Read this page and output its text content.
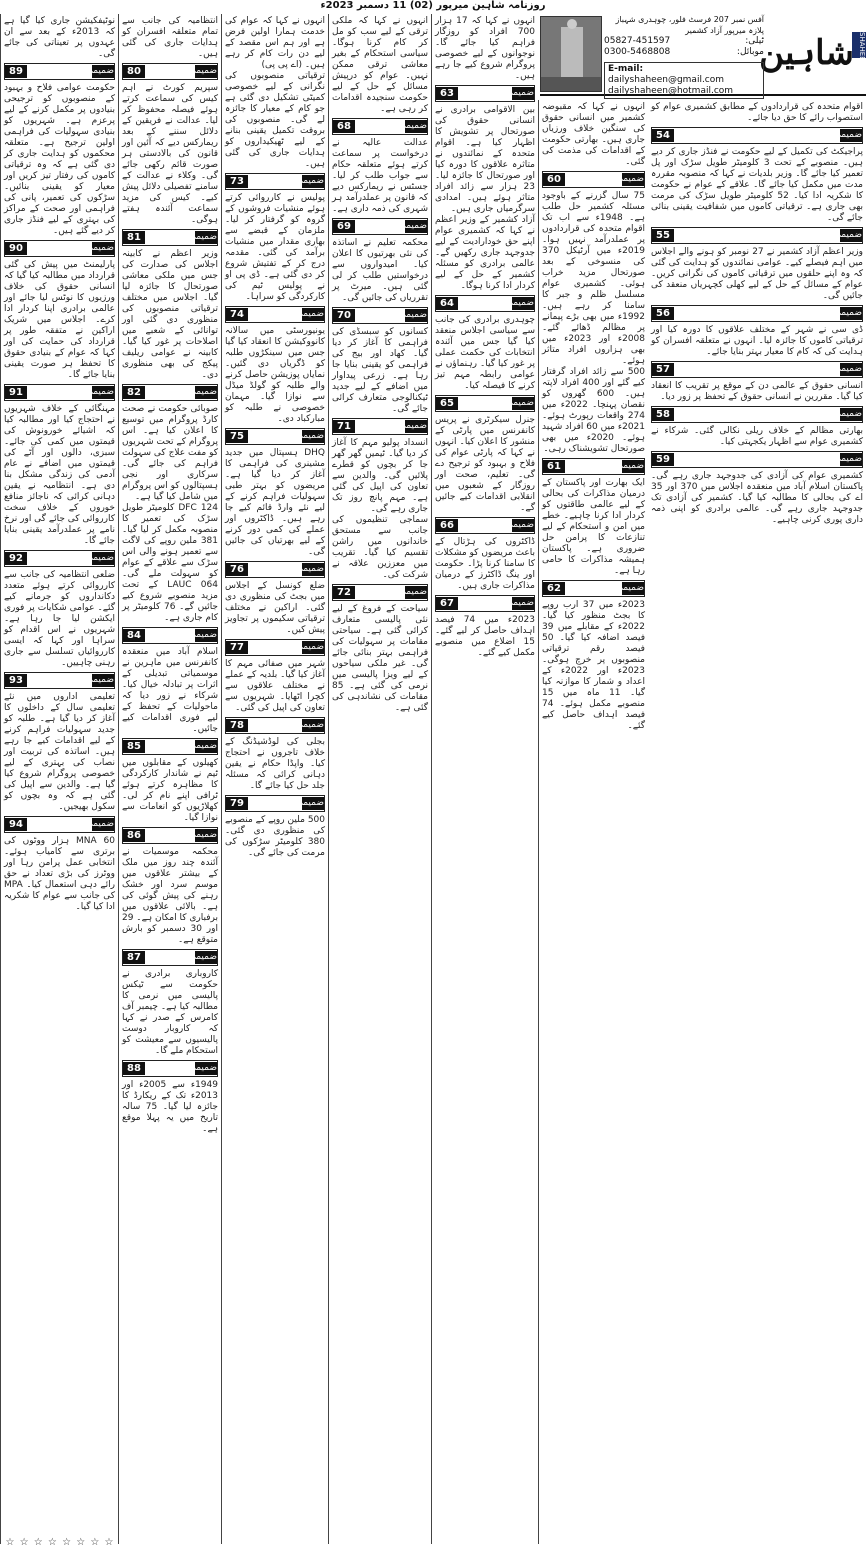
روزنامہ شاہین میرپور (02) 11 دسمبر 2023ء
نوٹیفکیشن جاری کیا گیا ہے کہ 2013ء کے بعد سے ان عہدوں پر تعیناتی کی جائے گی۔
ضمیمہ
89
حکومت عوامی فلاح و بہبود کے منصوبوں کو ترجیحی بنیادوں پر مکمل کرنے کے لیے پرعزم ہے۔ شہریوں کو بنیادی سہولیات کی فراہمی اولین ترجیح ہے۔ متعلقہ محکموں کو ہدایت جاری کر دی گئی ہے کہ وہ ترقیاتی کاموں کی رفتار تیز کریں اور معیار کو یقینی بنائیں۔ سڑکوں کی تعمیر، پانی کی فراہمی اور صحت کے مراکز کی بہتری کے لیے فنڈز جاری کر دیے گئے ہیں۔
ضمیمہ
90
پارلیمنٹ میں پیش کی گئی قرارداد میں مطالبہ کیا گیا کہ انسانی حقوق کی خلاف ورزیوں کا نوٹس لیا جائے اور عالمی برادری اپنا کردار ادا کرے۔ اجلاس میں شریک اراکین نے متفقہ طور پر قرارداد کی حمایت کی اور کہا کہ عوام کے بنیادی حقوق کا تحفظ ہر صورت یقینی بنایا جائے گا۔
ضمیمہ
91
مہنگائی کے خلاف شہریوں نے احتجاج کیا اور مطالبہ کیا کہ اشیائے خورونوش کی قیمتوں میں کمی کی جائے۔ سبزی، دالوں اور آٹے کی قیمتوں میں اضافے نے عام آدمی کی زندگی مشکل بنا دی ہے۔ انتظامیہ نے یقین دہانی کرائی کہ ناجائز منافع خوروں کے خلاف سخت کارروائی کی جائے گی اور نرخ نامے پر عملدرآمد یقینی بنایا جائے گا۔
ضمیمہ
92
ضلعی انتظامیہ کی جانب سے کارروائی کرتے ہوئے متعدد دکانداروں کو جرمانے کیے گئے۔ عوامی شکایات پر فوری ایکشن لیا جا رہا ہے۔ شہریوں نے اس اقدام کو سراہا اور کہا کہ ایسی کارروائیاں تسلسل سے جاری رہنی چاہییں۔
ضمیمہ
93
تعلیمی اداروں میں نئے تعلیمی سال کے داخلوں کا آغاز کر دیا گیا ہے۔ طلبہ کو جدید سہولیات فراہم کرنے کے لیے اقدامات کیے جا رہے ہیں۔ اساتذہ کی تربیت اور نصاب کی بہتری کے لیے خصوصی پروگرام شروع کیا گیا ہے۔ والدین سے اپیل کی گئی ہے کہ وہ بچوں کو سکول بھیجیں۔
ضمیمہ
94
MNA 60 ہزار ووٹوں کی برتری سے کامیاب ہوئے۔ انتخابی عمل پرامن رہا اور ووٹرز کی بڑی تعداد نے حق رائے دہی استعمال کیا۔ MPA کی جانب سے عوام کا شکریہ ادا کیا گیا۔
انتظامیہ کی جانب سے تمام متعلقہ افسران کو ہدایات جاری کی گئی ہیں۔
ضمیمہ
80
سپریم کورٹ نے اہم کیس کی سماعت کرتے ہوئے فیصلہ محفوظ کر لیا۔ عدالت نے فریقین کے دلائل سننے کے بعد ریمارکس دیے کہ آئین اور قانون کی بالادستی ہر صورت قائم رکھی جائے گی۔ وکلاء نے عدالت کے سامنے تفصیلی دلائل پیش کیے۔ کیس کی مزید سماعت آئندہ ہفتے ہوگی۔
ضمیمہ
81
وزیر اعظم نے کابینہ اجلاس کی صدارت کی جس میں ملکی معاشی صورتحال کا جائزہ لیا گیا۔ اجلاس میں مختلف ترقیاتی منصوبوں کی منظوری دی گئی اور توانائی کے شعبے میں اصلاحات پر غور کیا گیا۔ کابینہ نے عوامی ریلیف پیکج کی بھی منظوری دی۔
ضمیمہ
82
صوبائی حکومت نے صحت کارڈ پروگرام میں توسیع کا اعلان کیا ہے۔ اس پروگرام کے تحت شہریوں کو مفت علاج کی سہولت فراہم کی جائے گی۔ سرکاری اور نجی ہسپتالوں کو اس پروگرام میں شامل کیا گیا ہے۔
DFC 124 کلومیٹر طویل سڑک کی تعمیر کا منصوبہ مکمل کر لیا گیا۔ 381 ملین روپے کی لاگت سے تعمیر ہونے والی اس سڑک سے علاقے کے عوام کو سہولت ملے گی۔ 064 LAUC کے تحت مزید منصوبے شروع کیے جائیں گے۔ 76 کلومیٹر پر کام جاری ہے۔
ضمیمہ
84
اسلام آباد میں منعقدہ کانفرنس میں ماہرین نے موسمیاتی تبدیلی کے اثرات پر تبادلہ خیال کیا۔ شرکاء نے زور دیا کہ ماحولیات کے تحفظ کے لیے فوری اقدامات کیے جائیں۔
ضمیمہ
85
کھیلوں کے مقابلوں میں ٹیم نے شاندار کارکردگی کا مظاہرہ کرتے ہوئے ٹرافی اپنے نام کر لی۔ کھلاڑیوں کو انعامات سے نوازا گیا۔
ضمیمہ
86
محکمہ موسمیات نے آئندہ چند روز میں ملک کے بیشتر علاقوں میں موسم سرد اور خشک رہنے کی پیش گوئی کی ہے۔ بالائی علاقوں میں برفباری کا امکان ہے۔ 29 اور 30 دسمبر کو بارش متوقع ہے۔
ضمیمہ
87
کاروباری برادری نے حکومت سے ٹیکس پالیسی میں نرمی کا مطالبہ کیا ہے۔ چیمبر آف کامرس کے صدر نے کہا کہ کاروبار دوست پالیسیوں سے معیشت کو استحکام ملے گا۔
ضمیمہ
88
1949ء سے 2005ء اور 2013ء تک کے ریکارڈ کا جائزہ لیا گیا۔ 75 سالہ تاریخ میں یہ پہلا موقع ہے۔
انہوں نے کہا کہ عوام کی خدمت ہمارا اولین فرض ہے اور ہم اس مقصد کے لیے دن رات کام کر رہے ہیں۔ (اے پی پی)
ترقیاتی منصوبوں کی نگرانی کے لیے خصوصی کمیٹی تشکیل دی گئی ہے جو کام کے معیار کا جائزہ لے گی۔ منصوبوں کی بروقت تکمیل یقینی بنانے کے لیے ٹھیکیداروں کو ہدایات جاری کی گئی ہیں۔
ضمیمہ
73
پولیس نے کارروائی کرتے ہوئے منشیات فروشوں کے گروہ کو گرفتار کر لیا۔ ملزمان کے قبضے سے بھاری مقدار میں منشیات برآمد کی گئی۔ مقدمہ درج کر کے تفتیش شروع کر دی گئی ہے۔ ڈی پی او نے پولیس ٹیم کی کارکردگی کو سراہا۔
ضمیمہ
74
یونیورسٹی میں سالانہ کانووکیشن کا انعقاد کیا گیا جس میں سینکڑوں طلبہ کو ڈگریاں دی گئیں۔ نمایاں پوزیشن حاصل کرنے والے طلبہ کو گولڈ میڈل سے نوازا گیا۔ مہمان خصوصی نے طلبہ کو مبارکباد دی۔
ضمیمہ
75
DHQ ہسپتال میں جدید مشینری کی فراہمی کا آغاز کر دیا گیا ہے۔ مریضوں کو بہتر طبی سہولیات فراہم کرنے کے لیے نئے وارڈ قائم کیے جا رہے ہیں۔ ڈاکٹروں اور عملے کی کمی دور کرنے کے لیے بھرتیاں کی جائیں گی۔
ضمیمہ
76
ضلع کونسل کے اجلاس میں بجٹ کی منظوری دی گئی۔ اراکین نے مختلف ترقیاتی سکیموں پر تجاویز پیش کیں۔
ضمیمہ
77
شہر میں صفائی مہم کا آغاز کیا گیا۔ بلدیہ کے عملے نے مختلف علاقوں سے کچرا اٹھایا۔ شہریوں سے تعاون کی اپیل کی گئی۔
ضمیمہ
78
بجلی کی لوڈشیڈنگ کے خلاف تاجروں نے احتجاج کیا۔ واپڈا حکام نے یقین دہانی کرائی کہ مسئلہ جلد حل کیا جائے گا۔
ضمیمہ
79
500 ملین روپے کے منصوبے کی منظوری دی گئی۔ 380 کلومیٹر سڑکوں کی مرمت کی جائے گی۔
انہوں نے کہا کہ ملکی ترقی کے لیے سب کو مل کر کام کرنا ہوگا۔ سیاسی استحکام کے بغیر معاشی ترقی ممکن نہیں۔ عوام کو درپیش مسائل کے حل کے لیے حکومت سنجیدہ اقدامات کر رہی ہے۔
ضمیمہ
68
عدالت عالیہ نے درخواست پر سماعت کرتے ہوئے متعلقہ حکام سے جواب طلب کر لیا۔ جسٹس نے ریمارکس دیے کہ قانون پر عملدرآمد ہر شہری کی ذمہ داری ہے۔
ضمیمہ
69
محکمہ تعلیم نے اساتذہ کی نئی بھرتیوں کا اعلان کیا۔ امیدواروں سے درخواستیں طلب کر لی گئی ہیں۔ میرٹ پر تقرریاں کی جائیں گی۔
ضمیمہ
70
کسانوں کو سبسڈی کی فراہمی کا آغاز کر دیا گیا۔ کھاد اور بیج کی فراہمی کو یقینی بنایا جا رہا ہے۔ زرعی پیداوار میں اضافے کے لیے جدید ٹیکنالوجی متعارف کرائی جائے گی۔
ضمیمہ
71
انسداد پولیو مہم کا آغاز کر دیا گیا۔ ٹیمیں گھر گھر جا کر بچوں کو قطرے پلائیں گی۔ والدین سے تعاون کی اپیل کی گئی ہے۔ مہم پانچ روز تک جاری رہے گی۔
سماجی تنظیموں کی جانب سے مستحق خاندانوں میں راشن تقسیم کیا گیا۔ تقریب میں معززین علاقہ نے شرکت کی۔
ضمیمہ
72
سیاحت کے فروغ کے لیے نئی پالیسی متعارف کرائی گئی ہے۔ سیاحتی مقامات پر سہولیات کی فراہمی بہتر بنائی جائے گی۔ غیر ملکی سیاحوں کے لیے ویزا پالیسی میں نرمی کی گئی ہے۔ 85 مقامات کی نشاندہی کی گئی ہے۔
انہوں نے کہا کہ 17 ہزار 700 افراد کو روزگار فراہم کیا جائے گا۔ نوجوانوں کے لیے خصوصی پروگرام شروع کیے جا رہے ہیں۔
ضمیمہ
63
بین الاقوامی برادری نے انسانی حقوق کی صورتحال پر تشویش کا اظہار کیا ہے۔ اقوام متحدہ کے نمائندوں نے متاثرہ علاقوں کا دورہ کیا اور صورتحال کا جائزہ لیا۔ 23 ہزار سے زائد افراد متاثر ہوئے ہیں۔ امدادی سرگرمیاں جاری ہیں۔
آزاد کشمیر کے وزیر اعظم نے کہا کہ کشمیری عوام اپنے حق خودارادیت کے لیے جدوجہد جاری رکھیں گے۔ عالمی برادری کو مسئلہ کشمیر کے حل کے لیے کردار ادا کرنا ہوگا۔
ضمیمہ
64
چوہدری برادری کی جانب سے سیاسی اجلاس منعقد کیا گیا جس میں آئندہ انتخابات کی حکمت عملی پر غور کیا گیا۔ رہنماؤں نے عوامی رابطہ مہم تیز کرنے کا فیصلہ کیا۔
ضمیمہ
65
جنرل سیکرٹری نے پریس کانفرنس میں پارٹی کے منشور کا اعلان کیا۔ انہوں نے کہا کہ پارٹی عوام کی فلاح و بہبود کو ترجیح دے گی۔ تعلیم، صحت اور روزگار کے شعبوں میں انقلابی اقدامات کیے جائیں گے۔
ضمیمہ
66
ڈاکٹروں کی ہڑتال کے باعث مریضوں کو مشکلات کا سامنا کرنا پڑا۔ حکومت اور ینگ ڈاکٹرز کے درمیان مذاکرات جاری ہیں۔
ضمیمہ
67
2023ء میں 74 فیصد اہداف حاصل کر لیے گئے۔ 15 اضلاع میں منصوبے مکمل کیے گئے۔
انہوں نے کہا کہ مقبوضہ کشمیر میں انسانی حقوق کی سنگین خلاف ورزیاں جاری ہیں۔ بھارتی حکومت کے اقدامات کی مذمت کی گئی۔
ضمیمہ
60
75 سال گزرنے کے باوجود مسئلہ کشمیر حل طلب ہے۔ 1948ء سے اب تک اقوام متحدہ کی قراردادوں پر عملدرآمد نہیں ہوا۔ 2019ء میں آرٹیکل 370 کی منسوخی کے بعد صورتحال مزید خراب ہوئی۔ کشمیری عوام مسلسل ظلم و جبر کا سامنا کر رہے ہیں۔ 1992ء میں بھی بڑے پیمانے پر مظالم ڈھائے گئے۔ 2008ء اور 2023ء میں بھی ہزاروں افراد متاثر ہوئے۔
500 سے زائد افراد گرفتار کیے گئے اور 400 افراد لاپتہ ہیں۔ 600 گھروں کو نقصان پہنچا۔ 2022ء میں 274 واقعات رپورٹ ہوئے۔ 2021ء میں 60 افراد شہید ہوئے۔ 2020ء میں بھی صورتحال تشویشناک رہی۔
ضمیمہ
61
ایک بھارت اور پاکستان کے درمیان مذاکرات کی بحالی کے لیے عالمی طاقتوں کو کردار ادا کرنا چاہیے۔ خطے میں امن و استحکام کے لیے تنازعات کا پرامن حل ضروری ہے۔ پاکستان ہمیشہ مذاکرات کا حامی رہا ہے۔
ضمیمہ
62
2023ء میں 37 ارب روپے کا بجٹ منظور کیا گیا۔ 2022ء کے مقابلے میں 39 فیصد اضافہ کیا گیا۔ 50 فیصد رقم ترقیاتی منصوبوں پر خرچ ہوگی۔ 2023ء اور 2022ء کے اعداد و شمار کا موازنہ کیا گیا۔ 11 ماہ میں 15 منصوبے مکمل ہوئے۔ 74 فیصد اہداف حاصل کیے گئے۔
اقوام متحدہ کی قراردادوں کے مطابق کشمیری عوام کو استصواب رائے کا حق دیا جائے۔
ضمیمہ
54
پراجیکٹ کی تکمیل کے لیے حکومت نے فنڈز جاری کر دیے ہیں۔ منصوبے کے تحت 3 کلومیٹر طویل سڑک اور پل تعمیر کیا جائے گا۔ وزیر بلدیات نے کہا کہ منصوبہ مقررہ مدت میں مکمل کیا جائے گا۔ علاقے کے عوام نے حکومت کا شکریہ ادا کیا۔ 52 کلومیٹر طویل سڑک کی مرمت بھی جاری ہے۔ ترقیاتی کاموں میں شفافیت یقینی بنائی جائے گی۔
ضمیمہ
55
وزیر اعظم آزاد کشمیر نے 27 نومبر کو ہونے والے اجلاس میں اہم فیصلے کیے۔ عوامی نمائندوں کو ہدایت کی گئی کہ وہ اپنے حلقوں میں ترقیاتی کاموں کی نگرانی کریں۔ عوام کے مسائل کے حل کے لیے کھلی کچہریاں منعقد کی جائیں گی۔
ضمیمہ
56
ڈی سی نے شہر کے مختلف علاقوں کا دورہ کیا اور ترقیاتی کاموں کا جائزہ لیا۔ انہوں نے متعلقہ افسران کو ہدایت کی کہ کام کا معیار بہتر بنایا جائے۔
ضمیمہ
57
انسانی حقوق کے عالمی دن کے موقع پر تقریب کا انعقاد کیا گیا۔ مقررین نے انسانی حقوق کے تحفظ پر زور دیا۔
ضمیمہ
58
بھارتی مظالم کے خلاف ریلی نکالی گئی۔ شرکاء نے کشمیری عوام سے اظہار یکجہتی کیا۔
ضمیمہ
59
کشمیری عوام کی آزادی کی جدوجہد جاری رہے گی۔ پاکستان اسلام آباد میں منعقدہ اجلاس میں 370 اور 35 اے کی بحالی کا مطالبہ کیا گیا۔ کشمیر کی آزادی تک جدوجہد جاری رہے گی۔ عالمی برادری کو اپنی ذمہ داری پوری کرنی چاہیے۔
SHAHEEN
شاہین
آفس نمبر 207 فرسٹ فلور، چوہدری شہباز پلازہ میرپور آزاد کشمیر
ٹیلی:
05827-451597
موبائل:
0300-5468808
E-mail: dailyshaheen@gmail.com
dailyshaheen@hotmail.com
☆ ☆ ☆ ☆ ☆ ☆ ☆ ☆
